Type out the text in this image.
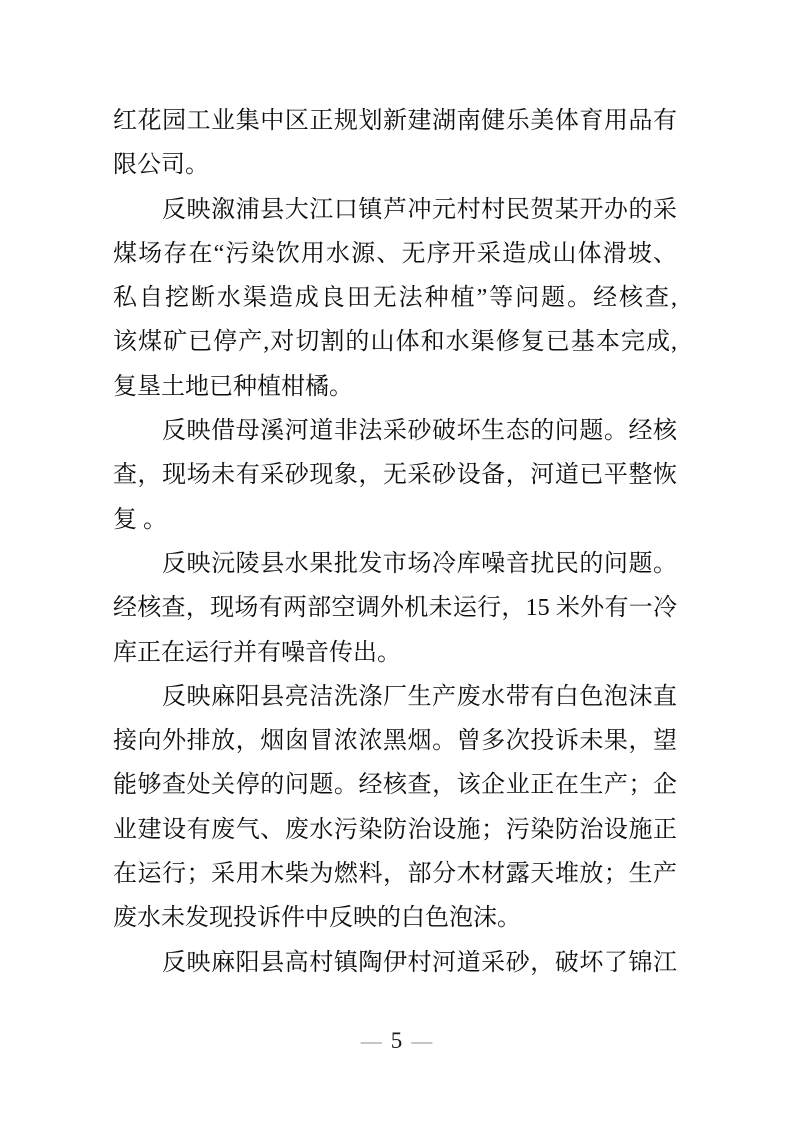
红花园工业集中区正规划新建湖南健乐美体育用品有
限公司。
反映溆浦县大江口镇芦冲元村村民贺某开办的采
煤场存在“污染饮用水源、无序开采造成山体滑坡、
私自挖断水渠造成良田无法种植”等问题。经核查,
该煤矿已停产,对切割的山体和水渠修复已基本完成,
复垦土地已种植柑橘。
反映借母溪河道非法采砂破坏生态的问题。经核
查，现场未有采砂现象，无采砂设备，河道已平整恢
复 。
反映沅陵县水果批发市场冷库噪音扰民的问题。
经核查，现场有两部空调外机未运行，15 米外有一冷
库正在运行并有噪音传出。
反映麻阳县亮洁洗涤厂生产废水带有白色泡沫直
接向外排放，烟囱冒浓浓黑烟。曾多次投诉未果，望
能够查处关停的问题。经核查，该企业正在生产；企
业建设有废气、废水污染防治设施；污染防治设施正
在运行；采用木柴为燃料，部分木材露天堆放；生产
废水未发现投诉件中反映的白色泡沫。
反映麻阳县高村镇陶伊村河道采砂，破坏了锦江
— 5 —
